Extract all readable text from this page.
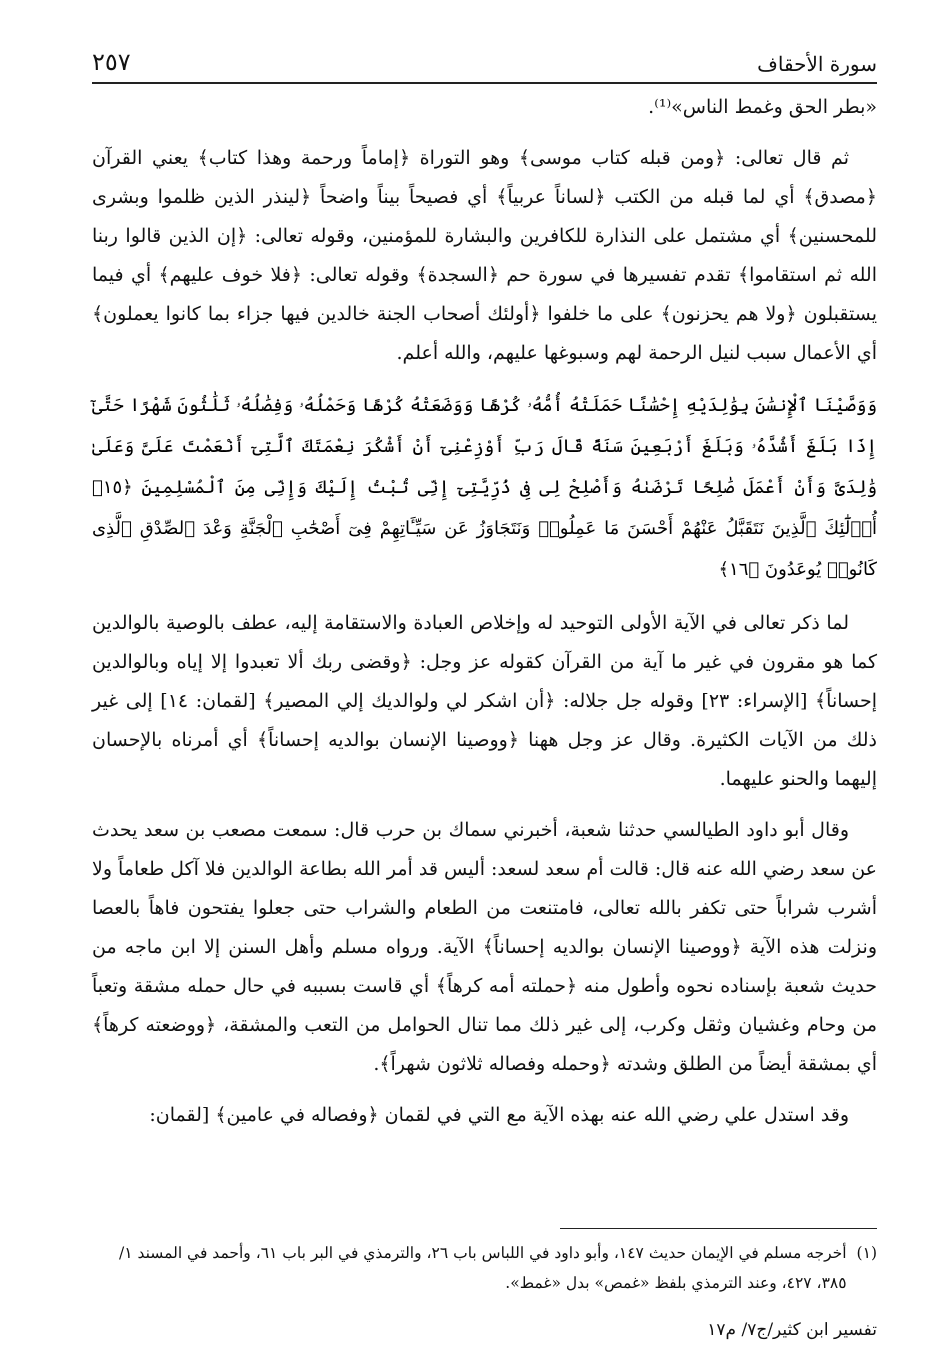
سورة الأحقاف
٢٥٧

«بطر الحق وغمط الناس»⁽¹⁾.

ثم قال تعالى: ﴿ومن قبله كتاب موسى﴾ وهو التوراة ﴿إماماً ورحمة وهذا كتاب﴾ يعني القرآن ﴿مصدق﴾ أي لما قبله من الكتب ﴿لساناً عربياً﴾ أي فصيحاً بيناً واضحاً ﴿لينذر الذين ظلموا وبشرى للمحسنين﴾ أي مشتمل على النذارة للكافرين والبشارة للمؤمنين، وقوله تعالى: ﴿إن الذين قالوا ربنا الله ثم استقاموا﴾ تقدم تفسيرها في سورة حم ﴿السجدة﴾ وقوله تعالى: ﴿فلا خوف عليهم﴾ أي فيما يستقبلون ﴿ولا هم يحزنون﴾ على ما خلفوا ﴿أولئك أصحاب الجنة خالدين فيها جزاء بما كانوا يعملون﴾ أي الأعمال سبب لنيل الرحمة لهم وسبوغها عليهم، والله أعلم.

وَوَصَّيْنَا ٱلْإِنسَٰنَ بِوَٰلِدَيْهِ إِحْسَٰنًا حَمَلَتْهُ أُمُّهُۥ كُرْهًا وَوَضَعَتْهُ كُرْهًا وَحَمْلُهُۥ وَفِصَٰلُهُۥ ثَلَٰثُونَ شَهْرًا حَتَّىٰٓ إِذَا بَلَغَ أَشُدَّهُۥ وَبَلَغَ أَرْبَعِينَ سَنَةً قَالَ رَبِّ أَوْزِعْنِىٓ أَنْ أَشْكُرَ نِعْمَتَكَ ٱلَّتِىٓ أَنْعَمْتَ عَلَىَّ وَعَلَىٰ وَٰلِدَىَّ وَأَنْ أَعْمَلَ صَٰلِحًا تَرْضَىٰهُ وَأَصْلِحْ لِى فِى ذُرِّيَّتِىٓ إِنِّى تُبْتُ إِلَيْكَ وَإِنِّى مِنَ ٱلْمُسْلِمِينَ ﴿١٥﴾ أُو۟لَٰٓئِكَ ٱلَّذِينَ نَتَقَبَّلُ عَنْهُمْ أَحْسَنَ مَا عَمِلُوا۟ وَنَتَجَاوَزُ عَن سَيِّـَٔاتِهِمْ فِىٓ أَصْحَٰبِ ٱلْجَنَّةِ وَعْدَ ٱلصِّدْقِ ٱلَّذِى كَانُوا۟ يُوعَدُونَ ﴿١٦﴾

لما ذكر تعالى في الآية الأولى التوحيد له وإخلاص العبادة والاستقامة إليه، عطف بالوصية بالوالدين كما هو مقرون في غير ما آية من القرآن كقوله عز وجل: ﴿وقضى ربك ألا تعبدوا إلا إياه وبالوالدين إحساناً﴾ [الإسراء: ٢٣] وقوله جل جلاله: ﴿أن اشكر لي ولوالديك إلي المصير﴾ [لقمان: ١٤] إلى غير ذلك من الآيات الكثيرة. وقال عز وجل ههنا ﴿ووصينا الإنسان بوالديه إحساناً﴾ أي أمرناه بالإحسان إليهما والحنو عليهما.

وقال أبو داود الطيالسي حدثنا شعبة، أخبرني سماك بن حرب قال: سمعت مصعب بن سعد يحدث عن سعد رضي الله عنه قال: قالت أم سعد لسعد: أليس قد أمر الله بطاعة الوالدين فلا آكل طعاماً ولا أشرب شراباً حتى تكفر بالله تعالى، فامتنعت من الطعام والشراب حتى جعلوا يفتحون فاهاً بالعصا ونزلت هذه الآية ﴿ووصينا الإنسان بوالديه إحساناً﴾ الآية. ورواه مسلم وأهل السنن إلا ابن ماجه من حديث شعبة بإسناده نحوه وأطول منه ﴿حملته أمه كرهاً﴾ أي قاست بسببه في حال حمله مشقة وتعباً من وحام وغشيان وثقل وكرب، إلى غير ذلك مما تنال الحوامل من التعب والمشقة، ﴿ووضعته كرهاً﴾ أي بمشقة أيضاً من الطلق وشدته ﴿وحمله وفصاله ثلاثون شهراً﴾.

وقد استدل علي رضي الله عنه بهذه الآية مع التي في لقمان ﴿وفصاله في عامين﴾ [لقمان:

(١)
أخرجه مسلم في الإيمان حديث ١٤٧، وأبو داود في اللباس باب ٢٦، والترمذي في البر باب ٦١، وأحمد في المسند ١/ ٣٨٥، ٤٢٧، وعند الترمذي بلفظ «غمص» بدل «غمط».
تفسير ابن كثير/ج٧/ م١٧
